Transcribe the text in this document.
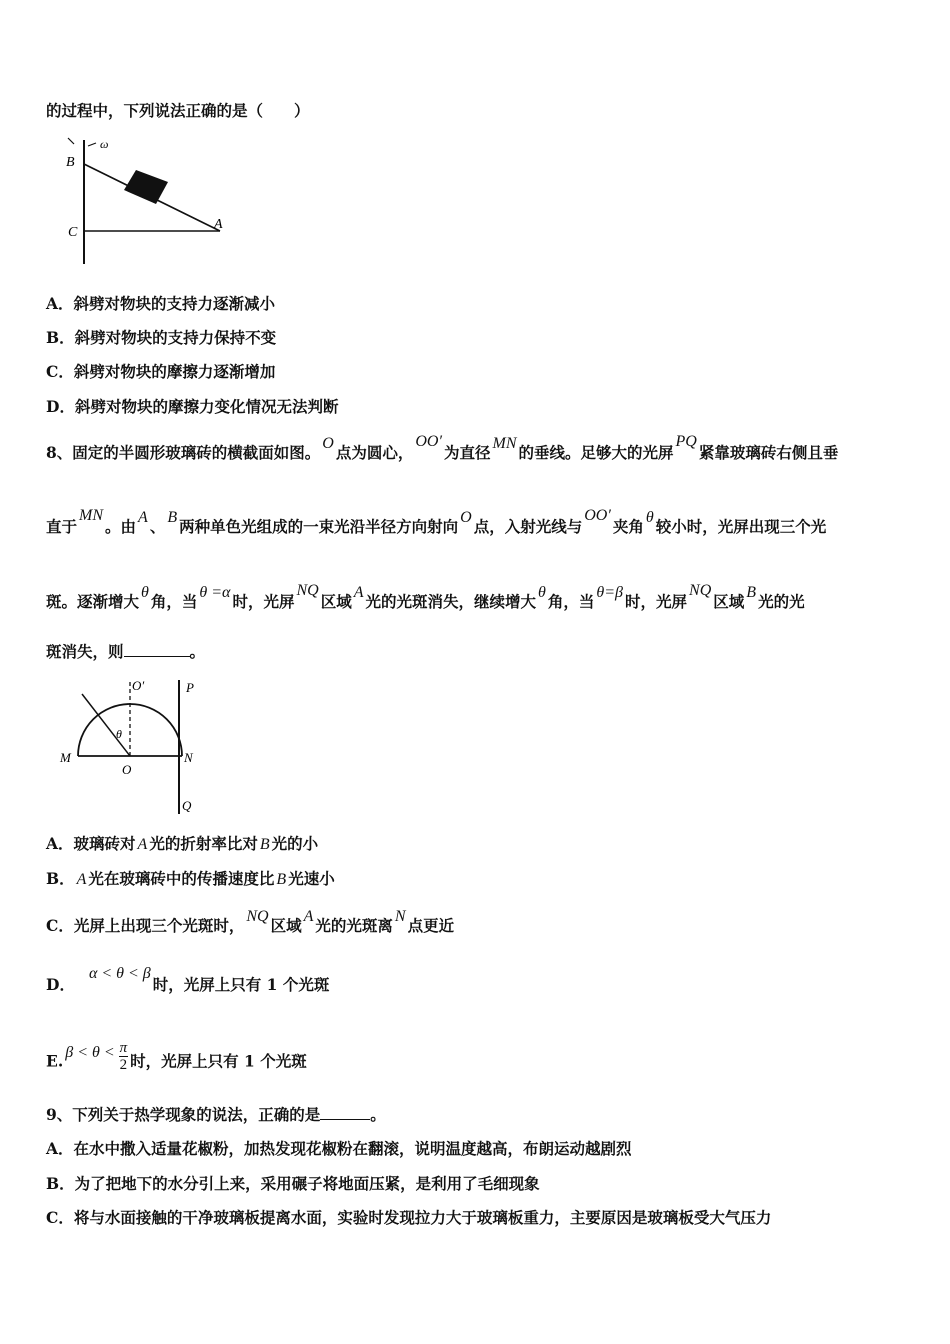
的过程中，下列说法正确的是（　　）
B
C
A
ω
A．斜劈对物块的支持力逐渐减小
B．斜劈对物块的支持力保持不变
C．斜劈对物块的摩擦力逐渐增加
D．斜劈对物块的摩擦力变化情况无法判断
8、固定的半圆形玻璃砖的横截面如图。 O 点为圆心，OO′为直径 MN 的垂线。足够大的光屏PQ紧靠玻璃砖右侧且垂
直于MN。由 A 、 B 两种单色光组成的一束光沿半径方向射向 O 点，入射光线与OO′夹角 θ 较小时，光屏出现三个光
斑。逐渐增大 θ 角，当 θ =α 时，光屏NQ区域 A 光的光斑消失，继续增大 θ 角，当 θ=β 时，光屏NQ区域 B 光的光
斑消失，则	。
O′	P
M
O
N
Q
θ
A．玻璃砖对 A 光的折射率比对 B 光的小
B． A 光在玻璃砖中的传播速度比 B 光速小
C．光屏上出现三个光斑时， NQ 区域 A 光的光斑离 N 点更近
D．α < θ < β时，光屏上只有 1 个光斑
E. $\beta < \theta < \frac{\pi}{2}$ 时，光屏上只有 1 个光斑
9、下列关于热学现象的说法，正确的是	。
A．在水中撒入适量花椒粉，加热发现花椒粉在翻滚，说明温度越高，布朗运动越剧烈
B．为了把地下的水分引上来，采用碾子将地面压紧，是利用了毛细现象
C．将与水面接触的干净玻璃板提离水面，实验时发现拉力大于玻璃板重力，主要原因是玻璃板受大气压力
